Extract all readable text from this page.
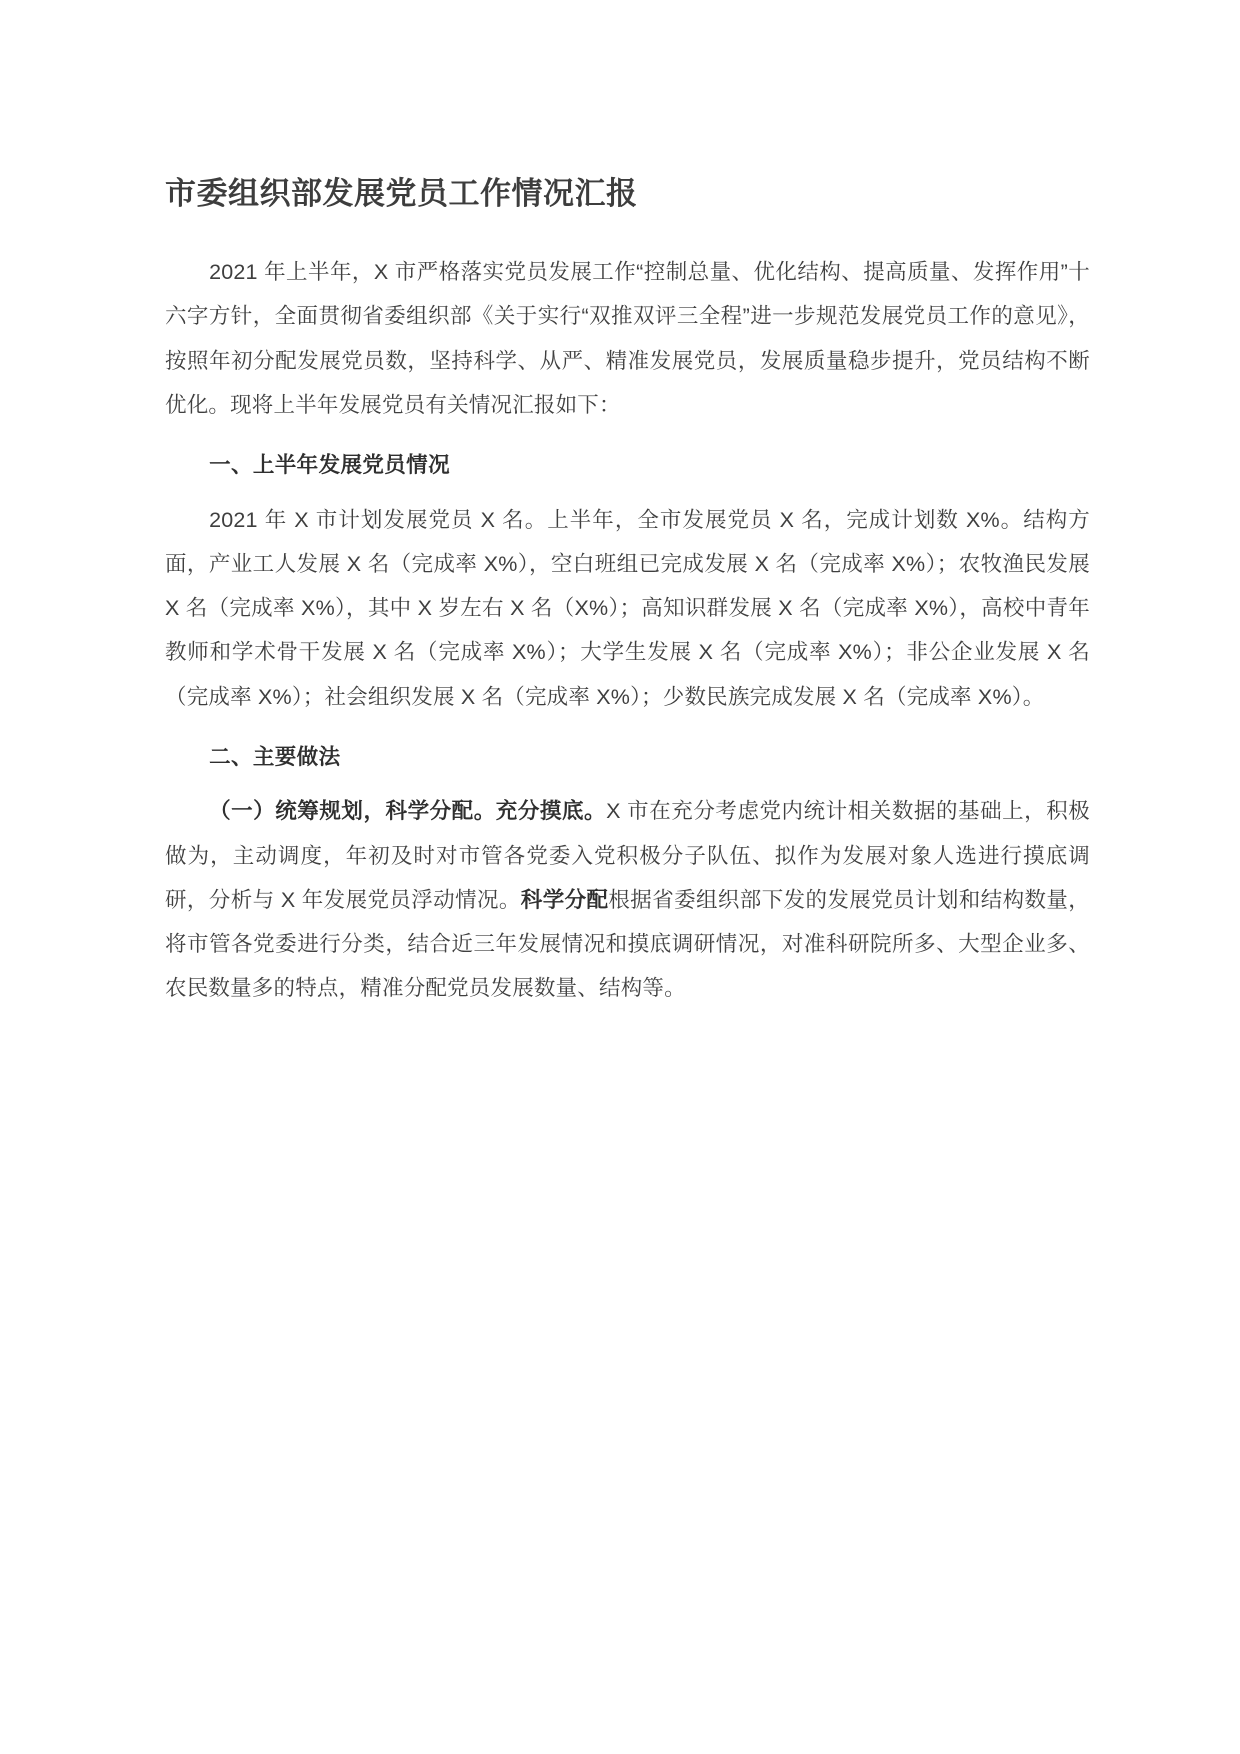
市委组织部发展党员工作情况汇报

2021 年上半年，X 市严格落实党员发展工作“控制总量、优化结构、提高质量、发挥作用”十六字方针，全面贯彻省委组织部《关于实行“双推双评三全程”进一步规范发展党员工作的意见》，按照年初分配发展党员数，坚持科学、从严、精准发展党员，发展质量稳步提升，党员结构不断优化。现将上半年发展党员有关情况汇报如下：

一、上半年发展党员情况

2021 年 X 市计划发展党员 X 名。上半年，全市发展党员 X 名，完成计划数 X%。结构方面，产业工人发展 X 名（完成率 X%），空白班组已完成发展 X 名（完成率 X%）；农牧渔民发展 X 名（完成率 X%），其中 X 岁左右 X 名（X%）；高知识群发展 X 名（完成率 X%），高校中青年教师和学术骨干发展 X 名（完成率 X%）；大学生发展 X 名（完成率 X%）；非公企业发展 X 名（完成率 X%）；社会组织发展 X 名（完成率 X%）；少数民族完成发展 X 名（完成率 X%）。

二、主要做法

（一）统筹规划，科学分配。充分摸底。X 市在充分考虑党内统计相关数据的基础上，积极做为，主动调度，年初及时对市管各党委入党积极分子队伍、拟作为发展对象人选进行摸底调研，分析与 X 年发展党员浮动情况。科学分配根据省委组织部下发的发展党员计划和结构数量，将市管各党委进行分类，结合近三年发展情况和摸底调研情况，对准科研院所多、大型企业多、农民数量多的特点，精准分配党员发展数量、结构等。
